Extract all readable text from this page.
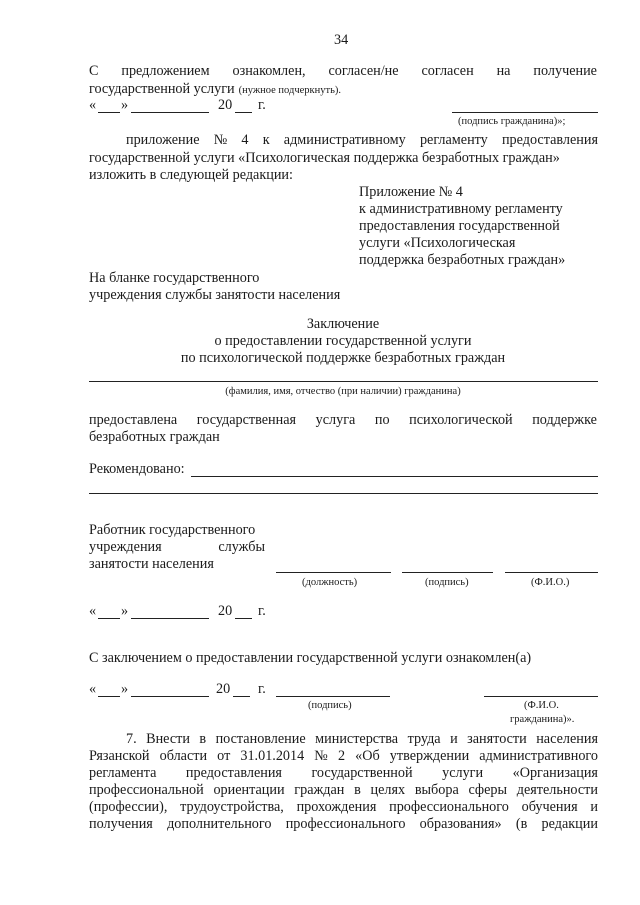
34
С предложением ознакомлен, согласен/не согласен на получение
государственной услуги (нужное подчеркнуть).
« »	20 г.
(подпись гражданина)»;
приложение № 4 к административному регламенту предоставления
государственной услуги «Психологическая поддержка безработных граждан»
изложить в следующей редакции:
Приложение № 4
к административному регламенту
предоставления государственной
услуги «Психологическая
поддержка безработных граждан»
На бланке государственного
учреждения службы занятости населения
Заключение
о предоставлении государственной услуги
по психологической поддержке безработных граждан
(фамилия, имя, отчество (при наличии) гражданина)
предоставлена государственная услуга по психологической поддержке
безработных граждан
Рекомендовано:
Работник государственного
учреждения	службы
занятости населения
(должность)	(подпись)	(Ф.И.О.)
« »	20 г.
С заключением о предоставлении государственной услуги ознакомлен(а)
« »	20 г.
(подпись)	(Ф.И.О.
гражданина)».
7. Внести в постановление министерства труда и занятости населения
Рязанской области от 31.01.2014 № 2 «Об утверждении административного
регламента предоставления государственной услуги «Организация
профессиональной ориентации граждан в целях выбора сферы деятельности
(профессии), трудоустройства, прохождения профессионального обучения и
получения дополнительного профессионального образования» (в редакции
